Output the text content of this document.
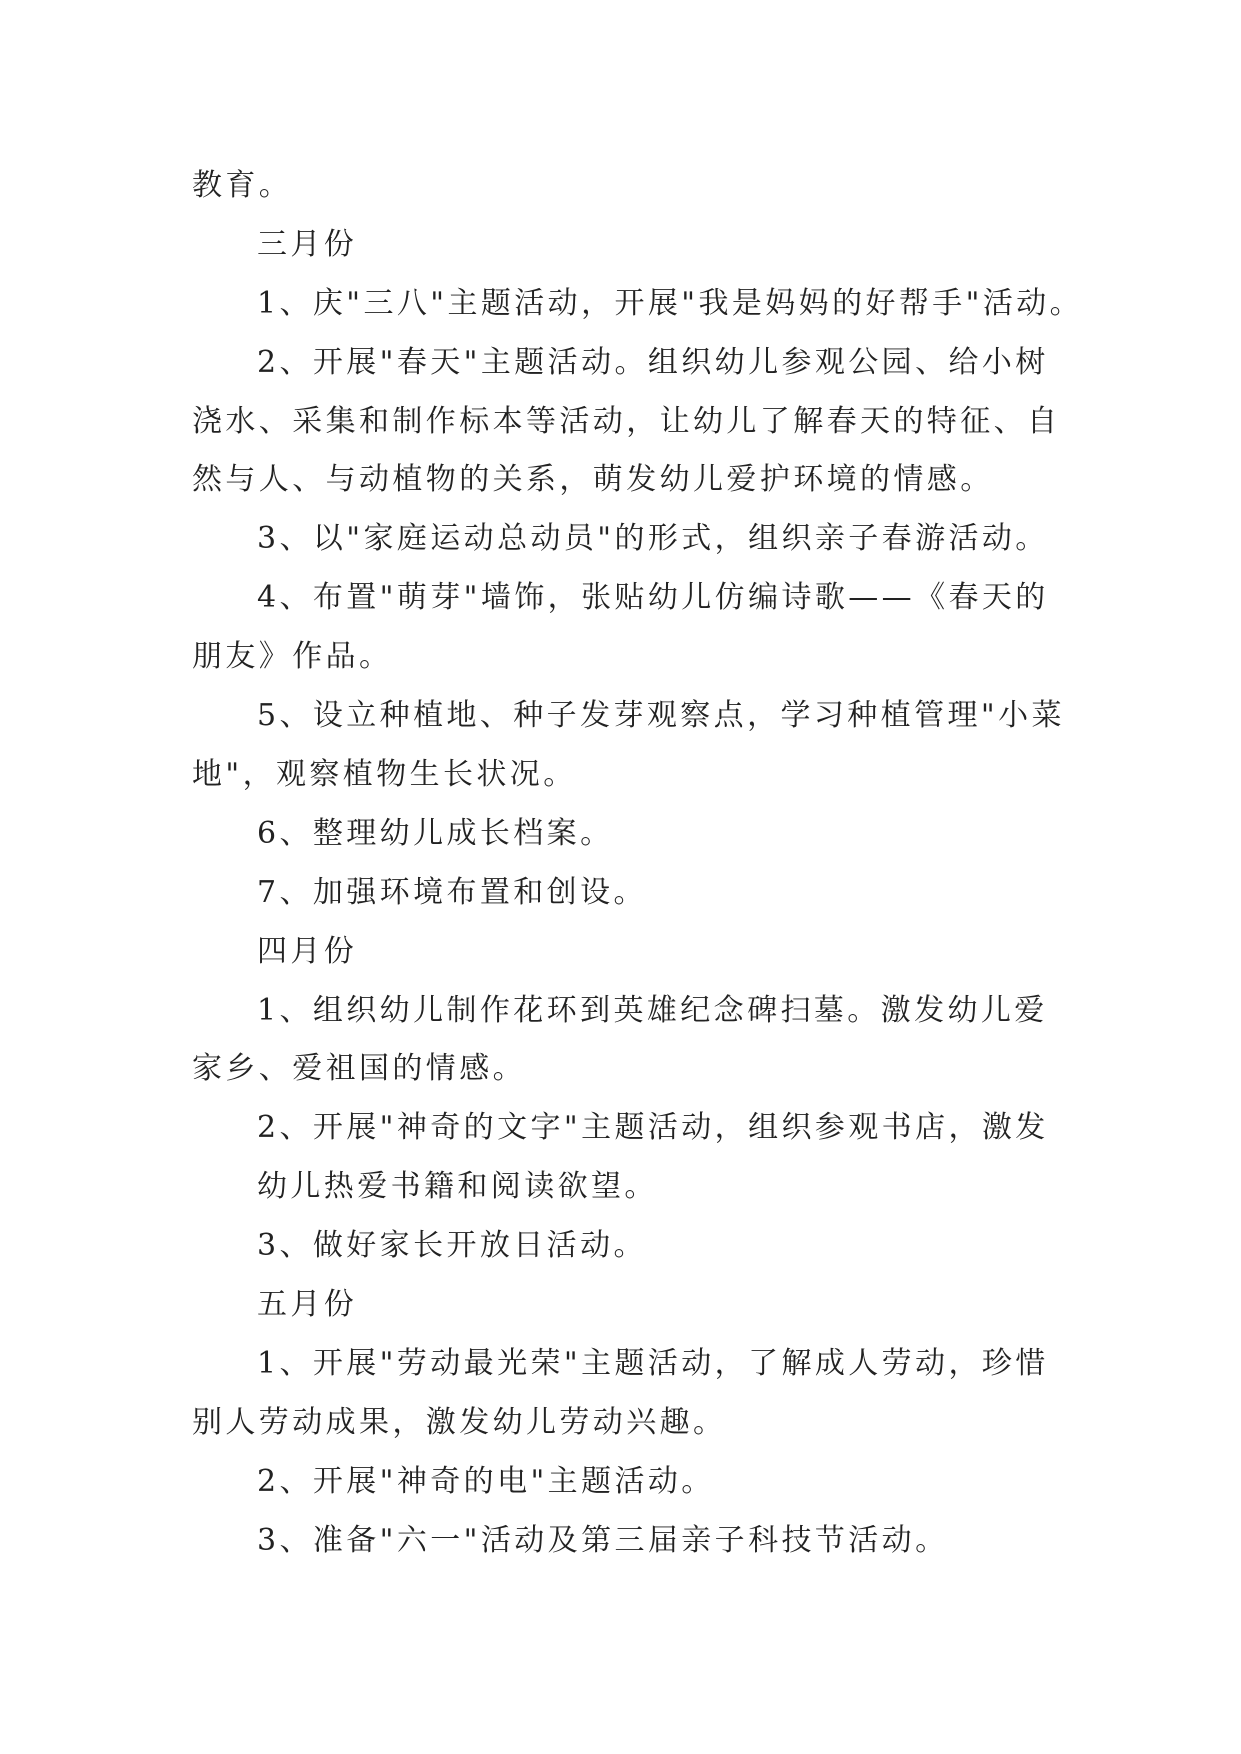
教育。
三月份
1、庆"三八"主题活动，开展"我是妈妈的好帮手"活动。
2、开展"春天"主题活动。组织幼儿参观公园、给小树
浇水、采集和制作标本等活动，让幼儿了解春天的特征、自
然与人、与动植物的关系，萌发幼儿爱护环境的情感。
3、以"家庭运动总动员"的形式，组织亲子春游活动。
4、布置"萌芽"墙饰，张贴幼儿仿编诗歌——《春天的
朋友》作品。
5、设立种植地、种子发芽观察点，学习种植管理"小菜
地"，观察植物生长状况。
6、整理幼儿成长档案。
7、加强环境布置和创设。
四月份
1、组织幼儿制作花环到英雄纪念碑扫墓。激发幼儿爱
家乡、爱祖国的情感。
2、开展"神奇的文字"主题活动，组织参观书店，激发
幼儿热爱书籍和阅读欲望。
3、做好家长开放日活动。
五月份
1、开展"劳动最光荣"主题活动，了解成人劳动，珍惜
别人劳动成果，激发幼儿劳动兴趣。
2、开展"神奇的电"主题活动。
3、准备"六一"活动及第三届亲子科技节活动。
